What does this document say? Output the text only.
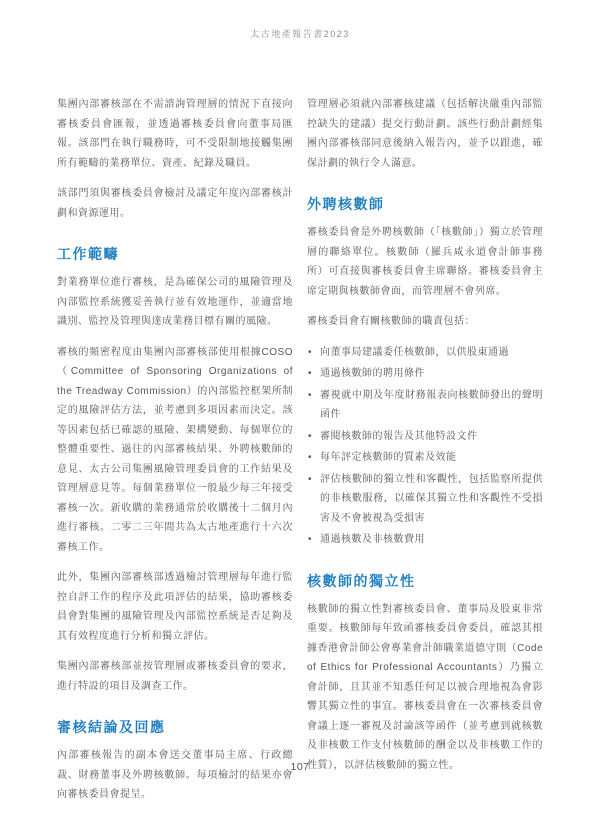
太古地產報告書2023

集團內部審核部在不需諮詢管理層的情況下直接向審核委員會匯報，並透過審核委員會向董事局匯報。該部門在執行職務時，可不受限制地接觸集團所有範疇的業務單位、資產、紀錄及職員。

該部門須與審核委員會檢討及議定年度內部審核計劃和資源運用。

工作範疇

對業務單位進行審核，是為確保公司的風險管理及內部監控系統獲妥善執行並有效地運作，並適當地識別、監控及管理與達成業務目標有關的風險。

審核的頻密程度由集團內部審核部使用根據COSO（Committee of Sponsoring Organizations of the Treadway Commission）的內部監控框架所制定的風險評估方法，並考慮到多項因素而決定。該等因素包括已確認的風險、架構變動、每個單位的整體重要性、過往的內部審核結果、外聘核數師的意見、太古公司集團風險管理委員會的工作結果及管理層意見等。每個業務單位一般最少每三年接受審核一次。新收購的業務通常於收購後十二個月內進行審核。二零二三年間共為太古地產進行十六次審核工作。

此外，集團內部審核部透過檢討管理層每年進行監控自評工作的程序及此項評估的結果，協助審核委員會對集團的風險管理及內部監控系統是否足夠及其有效程度進行分析和獨立評估。

集團內部審核部並按管理層或審核委員會的要求，進行特設的項目及調查工作。

審核結論及回應

內部審核報告的副本會送交董事局主席、行政總裁、財務董事及外聘核數師。每項檢討的結果亦會向審核委員會提呈。

管理層必須就內部審核建議（包括解決嚴重內部監控缺失的建議）提交行動計劃。該些行動計劃經集團內部審核部同意後納入報告內，並予以跟進，確保計劃的執行令人滿意。

外聘核數師

審核委員會是外聘核數師（「核數師」）獨立於管理層的聯絡單位。核數師（羅兵咸永道會計師事務所）可直接與審核委員會主席聯絡。審核委員會主席定期與核數師會面，而管理層不會列席。

審核委員會有關核數師的職責包括：

• 向董事局建議委任核數師，以供股東通過
• 通過核數師的聘用條件
• 審視就中期及年度財務報表向核數師發出的聲明函件
• 審閱核數師的報告及其他特設文件
• 每年評定核數師的質素及效能
• 評估核數師的獨立性和客觀性，包括監察所提供的非核數服務，以確保其獨立性和客觀性不受損害及不會被視為受損害
• 通過核數及非核數費用
核數師的獨立性

核數師的獨立性對審核委員會、董事局及股東非常重要。核數師每年致函審核委員會委員，確認其根據香港會計師公會專業會計師職業道德守則（Code of Ethics for Professional Accountants）乃獨立會計師，且其並不知悉任何足以被合理地視為會影響其獨立性的事宜。審核委員會在一次審核委員會會議上逐一審視及討論該等函件（並考慮到就核數及非核數工作支付核數師的酬金以及非核數工作的性質），以評估核數師的獨立性。

107
